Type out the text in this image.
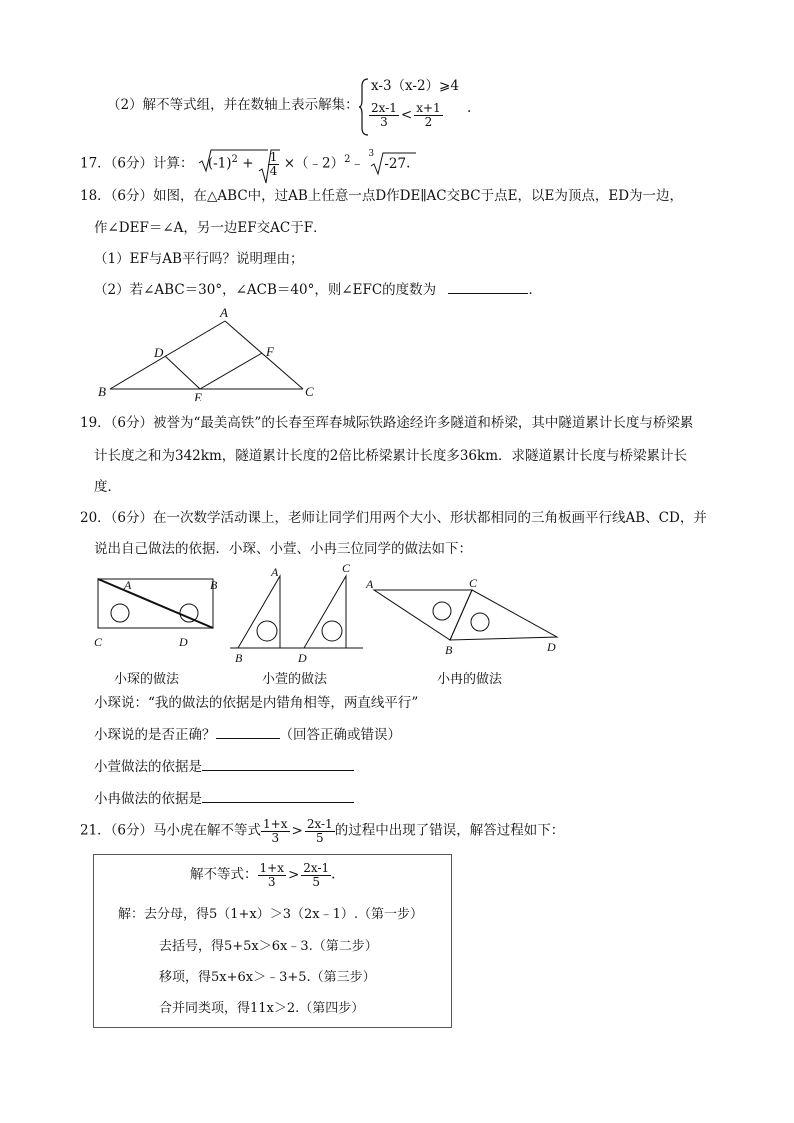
（2）解不等式组，并在数轴上表示解集：
x-3（x-2）⩾4
$\frac{2x-1}{3} < \frac{x+1}{2}$ .
17．（6分）计算： $(-1)^2 + \frac{1}{4}$ ×（﹣2）$^2$﹣
3
-27.
18．（6分）如图，在△ABC中，过AB上任意一点D作DE∥AC交BC于点E，以E为顶点，ED为一边，
作∠DEF＝∠A，另一边EF交AC于F．
（1）EF与AB平行吗？说明理由；
（2）若∠ABC＝30°，∠ACB＝40°，则∠EFC的度数为	．
A
B	C
D
E
F
19．（6分）被誉为“最美高铁”的长春至珲春城际铁路途经许多隧道和桥梁，其中隧道累计长度与桥梁累
计长度之和为342km，隧道累计长度的2倍比桥梁累计长度多36km．求隧道累计长度与桥梁累计长
度．
20．（6分）在一次数学活动课上，老师让同学们用两个大小、形状都相同的三角板画平行线AB、CD，并
说出自己做法的依据．小琛、小萱、小冉三位同学的做法如下：
A	B
C	D
小琛的做法
A
B
C
D
小萱的做法
A
B
C
D
小冉的做法
小琛说：“我的做法的依据是内错角相等，两直线平行”
小琛说的是否正确？	（回答正确或错误）
小萱做法的依据是
小冉做法的依据是
21．（6分）马小虎在解不等式 $\frac{1+x}{3} > \frac{2x-1}{5}$ 的过程中出现了错误，解答过程如下：
解不等式： $\frac{1+x}{3} > \frac{2x-1}{5}$ .
解：去分母，得5（1+x）＞3（2x﹣1）.（第一步）
去括号，得5+5x＞6x﹣3.（第二步）
移项，得5x+6x＞﹣3+5.（第三步）
合并同类项，得11x＞2.（第四步）
